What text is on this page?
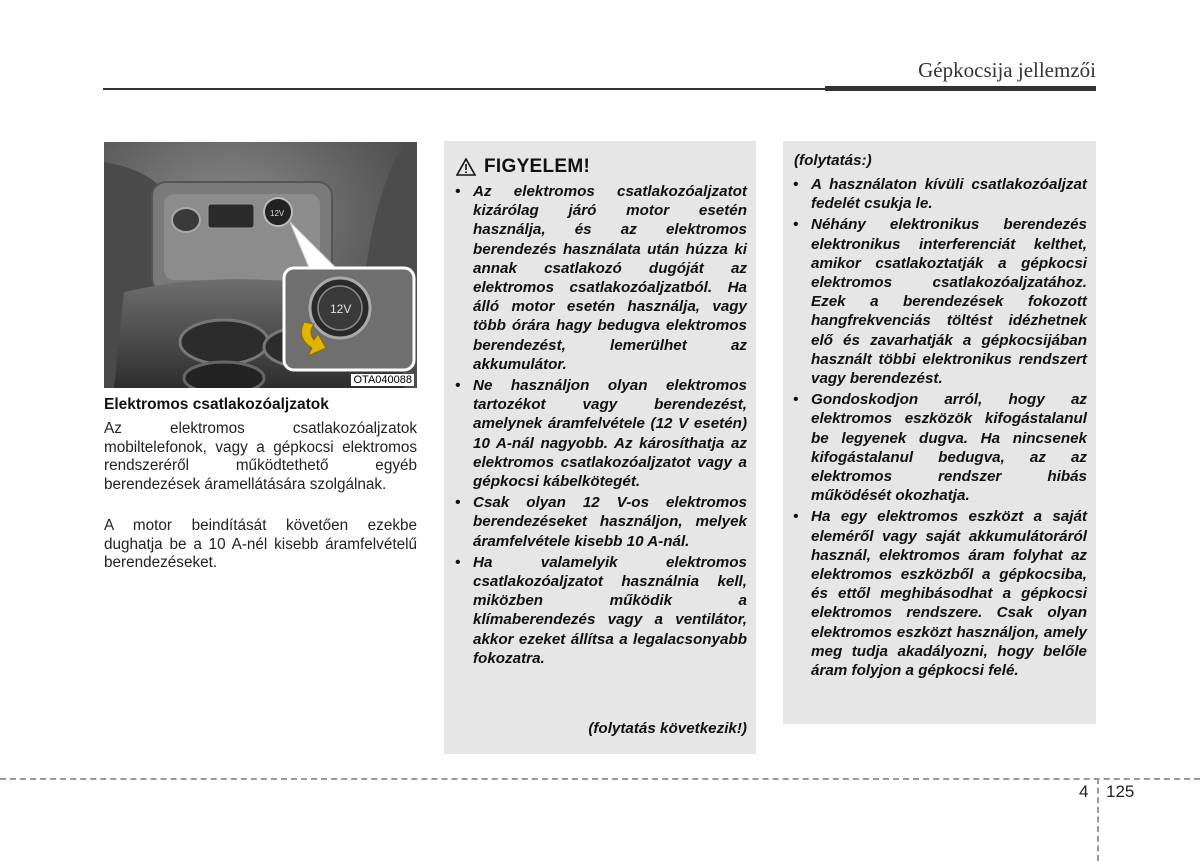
Gépkocsija jellemzői
12V
12V
OTA040088
Elektromos csatlakozóaljzatok

Az elektromos csatlakozóaljzatok mobiltelefonok, vagy a gépkocsi elektromos rendszeréről működtethető egyéb berendezések áramellátására szolgálnak.

A motor beindítását követően ezekbe dughatja be a 10 A-nél kisebb áramfelvételű berendezéseket.

FIGYELEM!
• Az elektromos csatlakozóaljzatot kizárólag járó motor esetén használja, és az elektromos berendezés használata után húzza ki annak csatlakozó dugóját az elektromos csatlakozóaljzatból. Ha álló motor esetén használja, vagy több órára hagy bedugva elektromos berendezést, lemerülhet az akkumulátor.
• Ne használjon olyan elektromos tartozékot vagy berendezést, amelynek áramfelvétele (12 V esetén) 10 A-nál nagyobb. Az károsíthatja az elektromos csatlakozóaljzatot vagy a gépkocsi kábelkötegét.
• Csak olyan 12 V-os elektromos berendezéseket használjon, melyek áramfelvétele kisebb 10 A-nál.
• Ha valamelyik elektromos csatlakozóaljzatot használnia kell, miközben működik a klímaberendezés vagy a ventilátor, akkor ezeket állítsa a legalacsonyabb fokozatra.
(folytatás következik!)
(folytatás:)
• A használaton kívüli csatlakozóaljzat fedelét csukja le.
• Néhány elektronikus berendezés elektronikus interferenciát kelthet, amikor csatlakoztatják a gépkocsi elektromos csatlakozóaljzatához. Ezek a berendezések fokozott hangfrekvenciás töltést idézhetnek elő és zavarhatják a gépkocsijában használt többi elektronikus rendszert vagy berendezést.
• Gondoskodjon arról, hogy az elektromos eszközök kifogástalanul be legyenek dugva. Ha nincsenek kifogástalanul bedugva, az az elektromos rendszer hibás működését okozhatja.
• Ha egy elektromos eszközt a saját eleméről vagy saját akkumulátoráról használ, elektromos áram folyhat az elektromos eszközből a gépkocsiba, és ettől meghibásodhat a gépkocsi elektromos rendszere. Csak olyan elektromos eszközt használjon, amely meg tudja akadályozni, hogy belőle áram folyjon a gépkocsi felé.
4 125
